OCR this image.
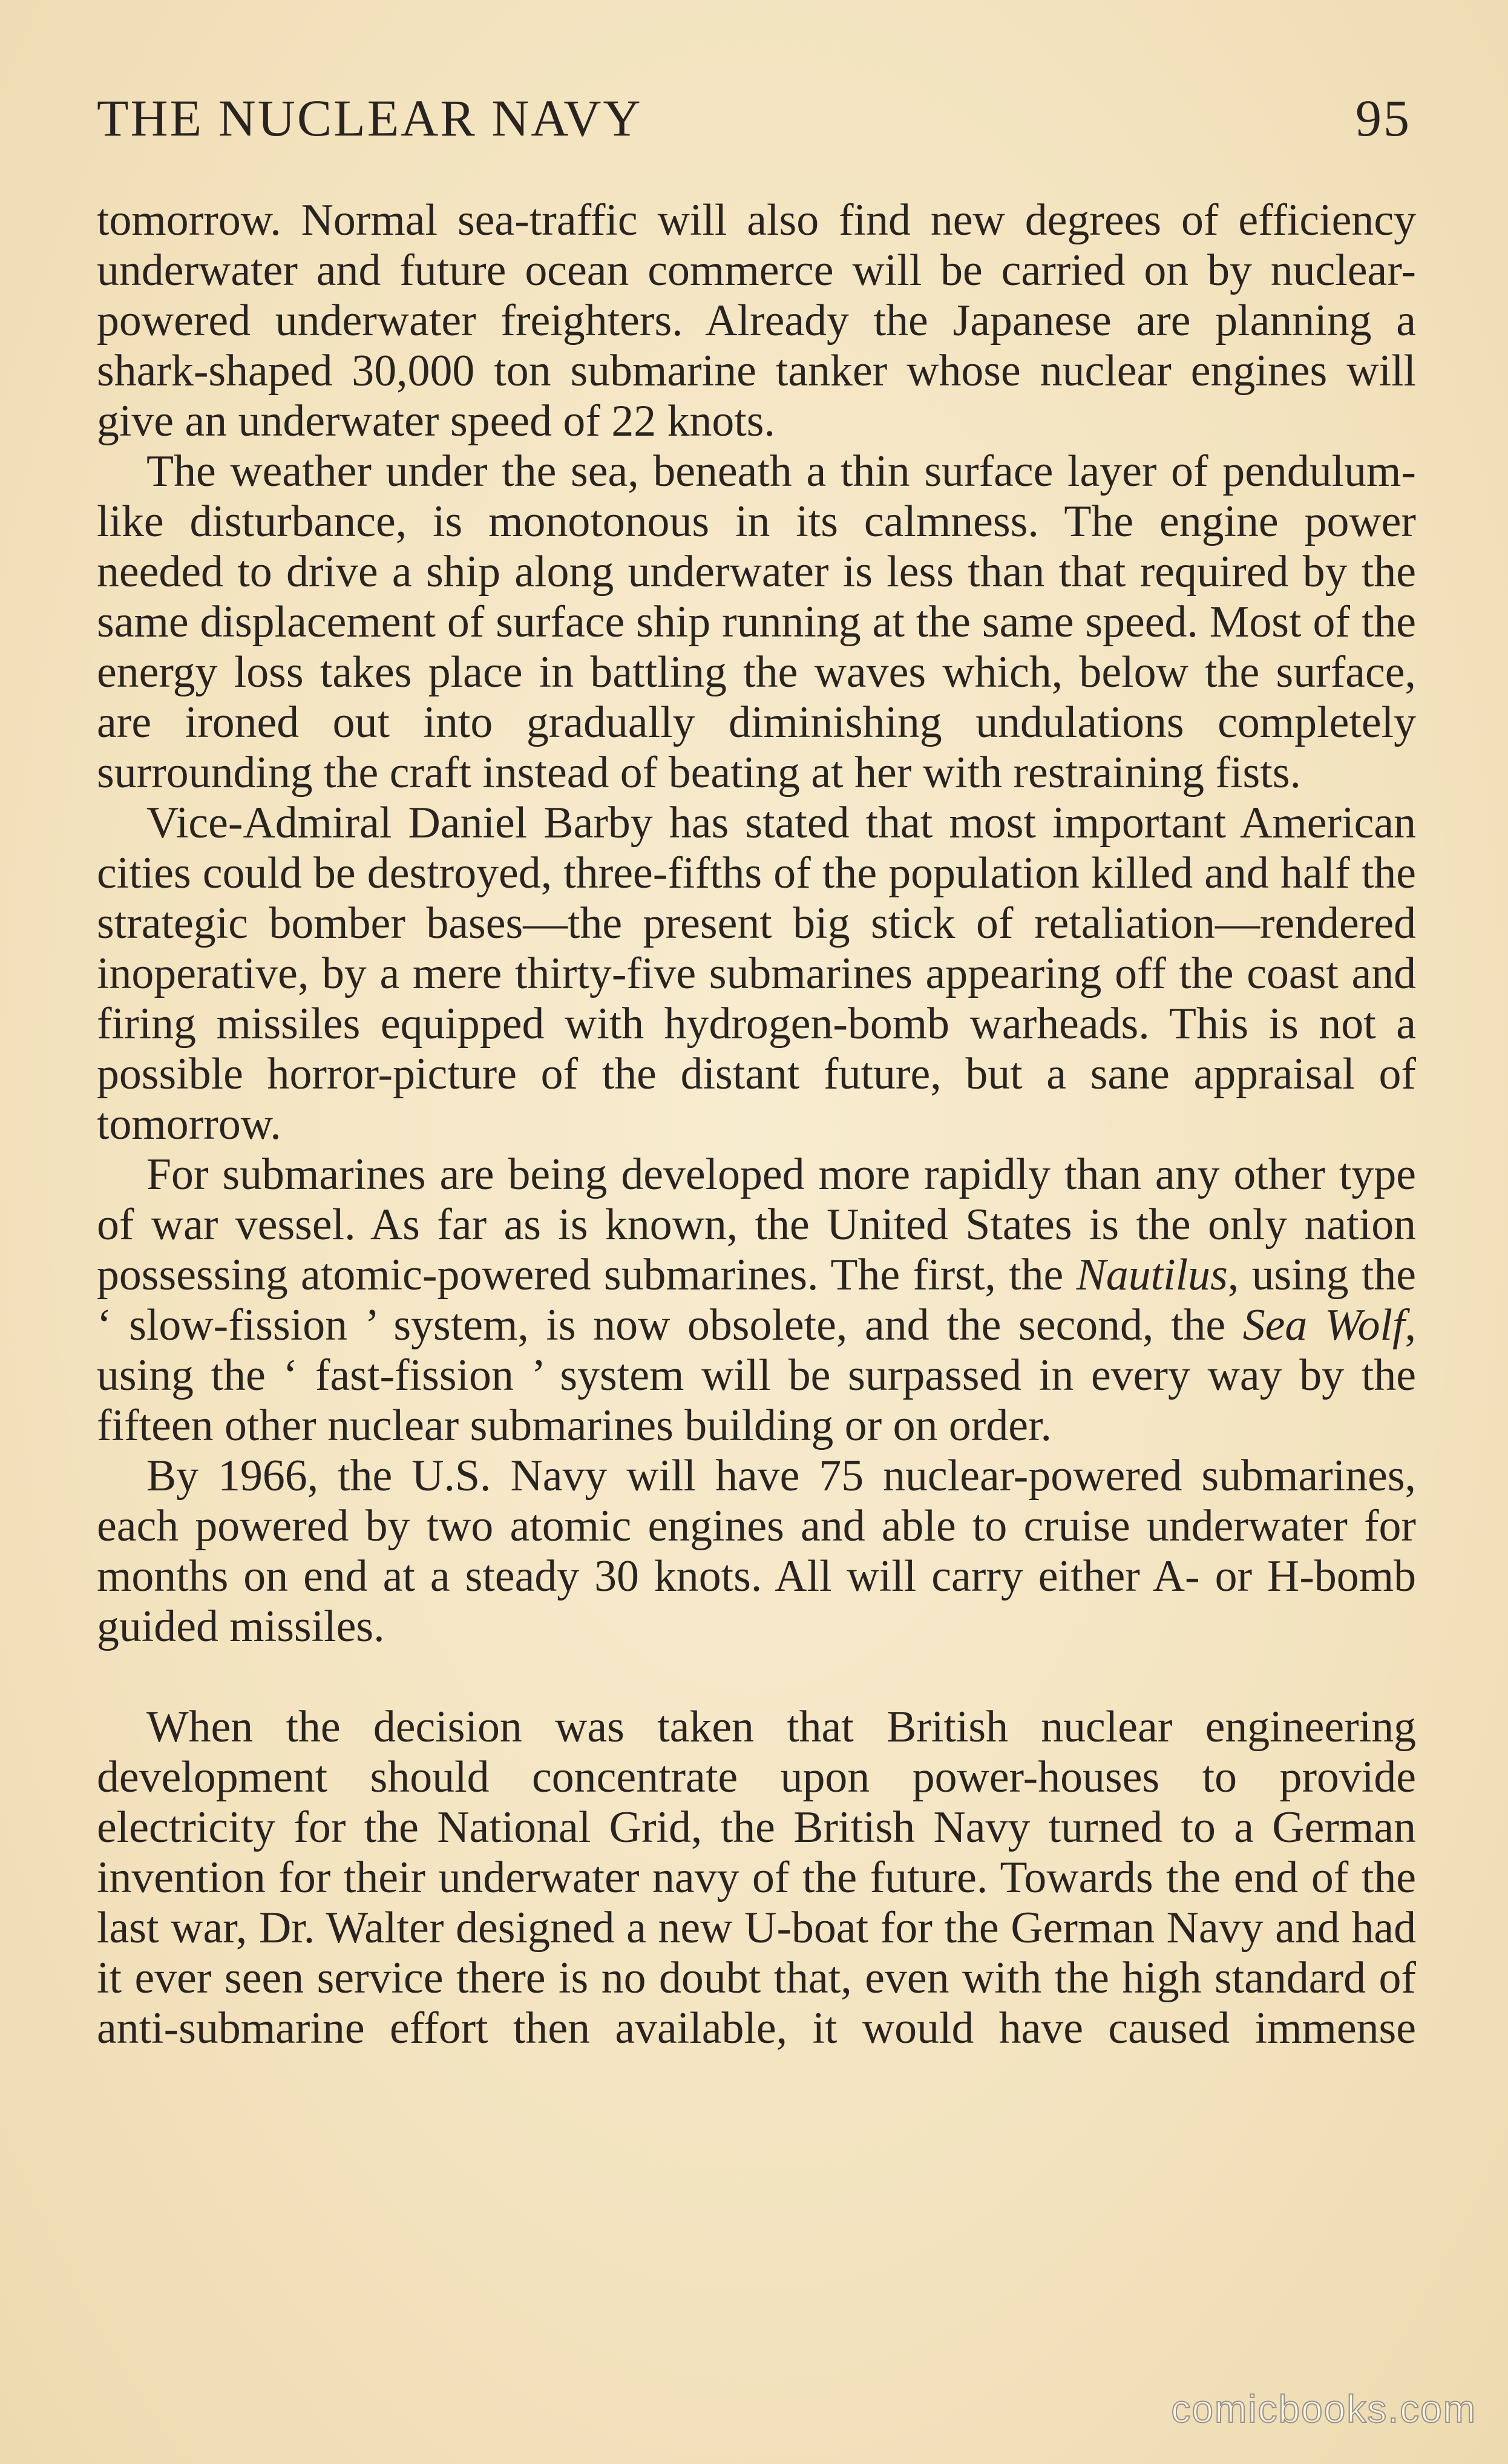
THE NUCLEAR NAVY	95

tomorrow. Normal sea-traffic will also find new degrees of efficiency underwater and future ocean commerce will be carried on by nuclear-powered underwater freighters. Already the Japanese are planning a shark-shaped 30,000 ton submarine tanker whose nuclear engines will give an underwater speed of 22 knots.

The weather under the sea, beneath a thin surface layer of pendulum-like disturbance, is monotonous in its calmness. The engine power needed to drive a ship along underwater is less than that required by the same displacement of surface ship running at the same speed. Most of the energy loss takes place in battling the waves which, below the surface, are ironed out into gradually diminishing undulations completely surrounding the craft instead of beating at her with restraining fists.

Vice-Admiral Daniel Barby has stated that most important American cities could be destroyed, three-fifths of the population killed and half the strategic bomber bases—the present big stick of retaliation—rendered inoperative, by a mere thirty-five submarines appearing off the coast and firing missiles equipped with hydrogen-bomb warheads. This is not a possible horror-picture of the distant future, but a sane appraisal of tomorrow.

For submarines are being developed more rapidly than any other type of war vessel. As far as is known, the United States is the only nation possessing atomic-powered submarines. The first, the Nautilus, using the ‘ slow-fission ’ system, is now obsolete, and the second, the Sea Wolf, using the ‘ fast-fission ’ system will be surpassed in every way by the fifteen other nuclear submarines building or on order.

By 1966, the U.S. Navy will have 75 nuclear-powered submarines, each powered by two atomic engines and able to cruise underwater for months on end at a steady 30 knots. All will carry either A- or H-bomb guided missiles.

When the decision was taken that British nuclear engineering development should concentrate upon power-houses to provide electricity for the National Grid, the British Navy turned to a German invention for their underwater navy of the future. Towards the end of the last war, Dr. Walter designed a new U-boat for the German Navy and had it ever seen service there is no doubt that, even with the high standard of anti-submarine effort then available, it would have caused immense

comicbooks.com
